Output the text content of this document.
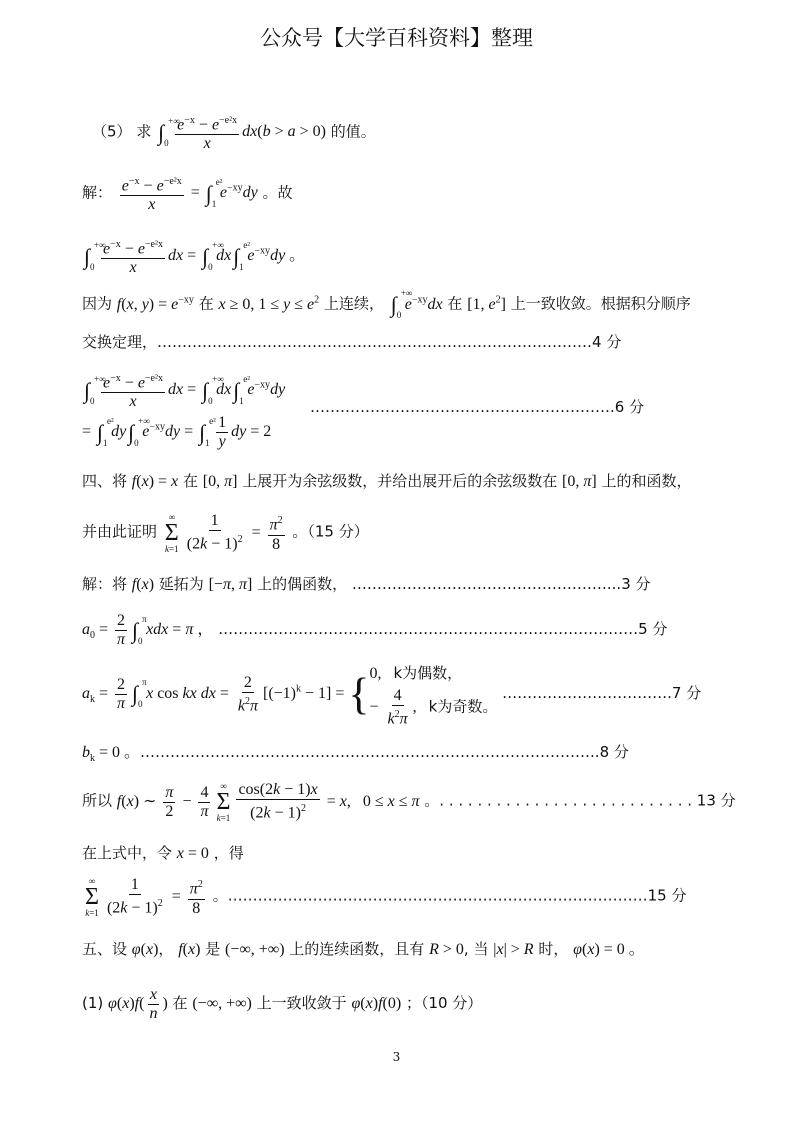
公众号【大学百科资料】整理
（5） 求 ∫ +∞
$0 \frac{e^{-x} - e^{-e^2x}}{x} dx(b > a > 0)$ 的值。
解： $\frac{e^{-x} - e^{-e^2x}}{x}$ = ∫ e²
1
$e^{-xy}dy$ 。故
∫ +∞
$0 \frac{e^{-x} - e^{-e^2x}}{x}$ dx = ∫ +∞
0
dx∫ e²
1
$e^{-xy}dy$ 。
因为 f(x, $y) = e^{-xy}$ 在 x ≥ 0, $1 \le y \le e^2$ 上连续， ∫ +∞
0
$e^{-xy}dx$ 在 [1, $e^2$] 上一致收敛。根据积分顺序
交换定理，……………………………………………………………………………4 分
∫ +∞
$0 \frac{e^{-x} - e^{-e^2x}}{x}$ dx = ∫ +∞
0
dx∫ e²
1
$e^{-xy}dy$
…………………………………………………….6 分
= ∫ e²
1
dy∫ +∞
0
$e^{-xy}dy$ = ∫ e²
$1 \frac{1}{y}$ dy = 2
四、将 f(x) = x 在 [0, π] 上展开为余弦级数，并给出展开后的余弦级数在 [0, π] 上的和函数，
并由此证明
∞
Σ
$k=1 \frac{1}{(2k - 1)^2} = \frac{\pi^2}{8}$ 。（15 分）
解：将 f(x) 延拓为 [−π, π] 上的偶函数， ……………………………………………...3 分
$a_0 = \frac{2}{\pi}$ ∫ π
0
xdx = π ， …………………………………………………………………………5 分
$a_k = \frac{2}{\pi}$ ∫ π
0
x cos kx dx = $\frac{2}{k^2\pi} [(-1)^k - 1]$ = { 0,   k为偶数，
− $\frac{4}{k^2\pi}$ ,   k为奇数。
…………………………….7 分
$b_k = 0$ 。………………………………………………………………………………..8 分
所以 f(x) ∼ $\frac{\pi}{2} - \frac{4}{\pi}$ ∞
Σ
$k=1 \frac{\cos(2k - 1)x}{(2k - 1)^2} = x$,   0 ≤ x ≤ π 。. . . . . . . . . . . . . . . . . . . . . . . . . . . 13 分
在上式中，令 x = 0 ，得
∞
Σ
$k=1 \frac{1}{(2k - 1)^2} = \frac{\pi^2}{8}$ 。…………………………………………………………………………15 分
五、设 φ(x)， f(x) 是 (−∞, +∞) 上的连续函数，且有 R > 0, 当 |x| > R 时， φ(x) = 0 。
(1) $\varphi(x)f( \frac{x}{n}$ ) 在 (−∞, +∞) 上一致收敛于 φ(x)f(0) ；（10 分）
3
